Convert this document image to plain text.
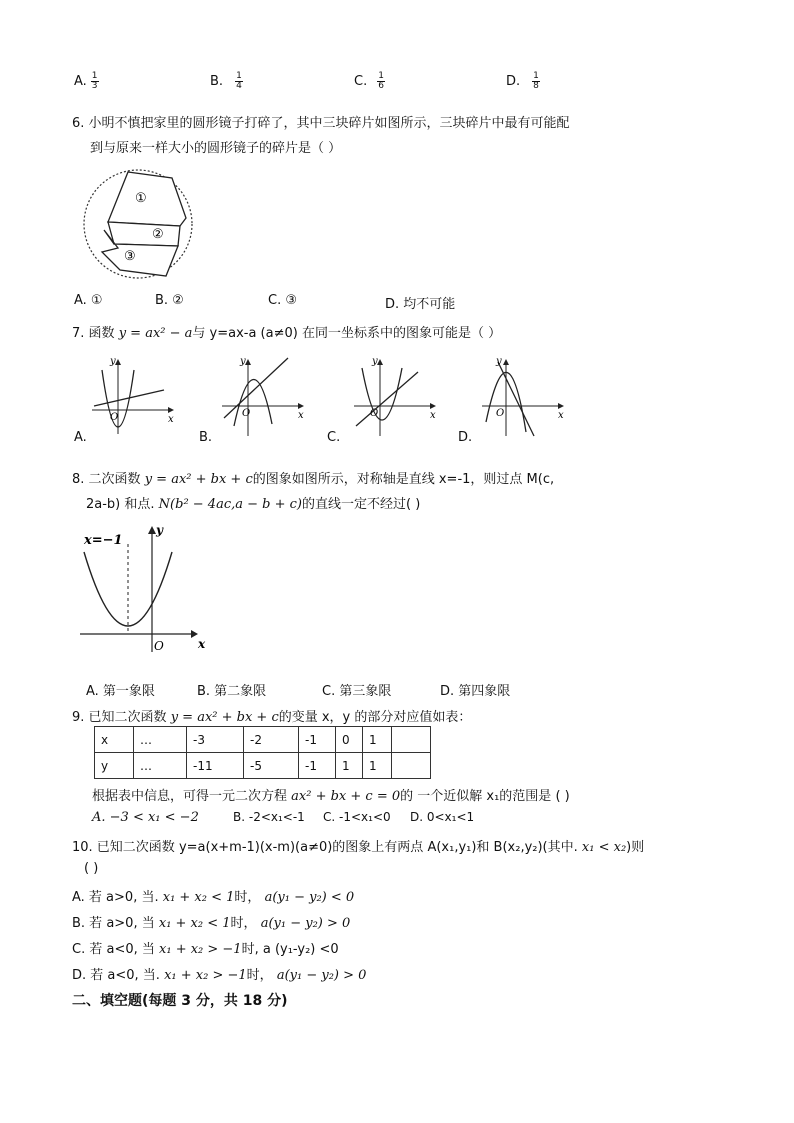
A. $\frac{1}{3}$	B. $\frac{1}{4}$	C. $\frac{1}{6}$	D. $\frac{1}{8}$
6. 小明不慎把家里的圆形镜子打碎了，其中三块碎片如图所示，三块碎片中最有可能配
到与原来一样大小的圆形镜子的碎片是（ ）
①
②
③
A. ①	B. ②	C. ③	D. 均不可能
7. 函数 y = ax² − a与 y=ax-a (a≠0) 在同一坐标系中的图象可能是（ ）
y
x
O
y
x
O
y
x
O
y
x
O
A.	B.	C.	D.
8. 二次函数 y = ax² + bx + c的图象如图所示，对称轴是直线 x=-1，则过点 M(c,
2a-b) 和点. N(b² − 4ac,a − b + c)的直线一定不经过( )
x=−1
y
x
O
A. 第一象限	B. 第二象限	C. 第三象限	D. 第四象限
9. 已知二次函数 y = ax² + bx + c的变量 x，y 的部分对应值如表：
x	…	-3	-2	-1	0	1	
y	…	-11	-5	-1	1	1	
根据表中信息，可得一元二次方程 ax² + bx + c = 0的 一个近似解 x₁的范围是 ( )
A. −3 < x₁ < −2	B. -2<x₁<-1 C. -1<x₁<0 D. 0<x₁<1
10. 已知二次函数 y=a(x+m-1)(x-m)(a≠0)的图象上有两点 A(x₁,y₁)和 B(x₂,y₂)(其中. x₁ < x₂)则
( )
A. 若 a>0, 当. x₁ + x₂ < 1时， a(y₁ − y₂) < 0
B. 若 a>0, 当 x₁ + x₂ < 1时， a(y₁ − y₂) > 0
C. 若 a<0, 当 x₁ + x₂ > −1时, a (y₁-y₂) <0
D. 若 a<0, 当. x₁ + x₂ > −1时， a(y₁ − y₂) > 0
二、填空题(每题 3 分，共 18 分)
